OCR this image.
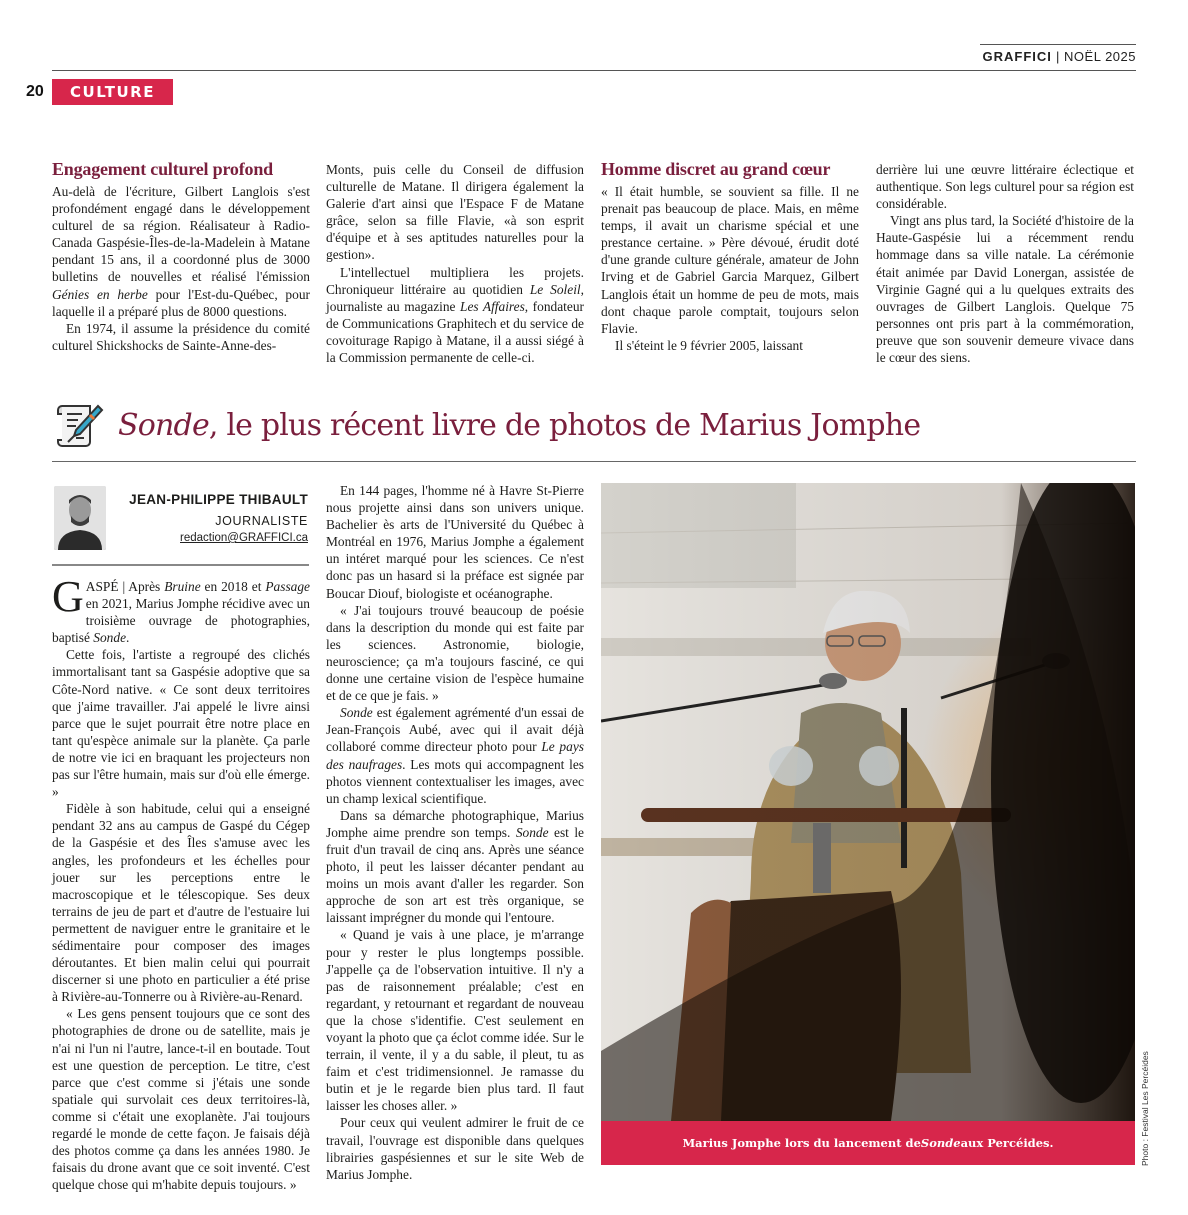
GRAFFICI | NOËL 2025
20	CULTURE
Engagement culturel profond

Au-delà de l'écriture, Gilbert Langlois s'est profondément engagé dans le développement culturel de sa région. Réalisateur à Radio-Canada Gaspésie-Îles-de-la-Madelein à Matane pendant 15 ans, il a coordonné plus de 3000 bulletins de nouvelles et réalisé l'émission Génies en herbe pour l'Est-du-Québec, pour laquelle il a préparé plus de 8000 questions.

En 1974, il assume la présidence du comité culturel Shickshocks de Sainte-Anne-des-

Monts, puis celle du Conseil de diffusion culturelle de Matane. Il dirigera également la Galerie d'art ainsi que l'Espace F de Matane grâce, selon sa fille Flavie, «à son esprit d'équipe et à ses aptitudes naturelles pour la gestion».

L'intellectuel multipliera les projets. Chroniqueur littéraire au quotidien Le Soleil, journaliste au magazine Les Affaires, fondateur de Communications Graphitech et du service de covoiturage Rapigo à Matane, il a aussi siégé à la Commission permanente de celle-ci.

Homme discret au grand cœur

« Il était humble, se souvient sa fille. Il ne prenait pas beaucoup de place. Mais, en même temps, il avait un charisme spécial et une prestance certaine. » Père dévoué, érudit doté d'une grande culture générale, amateur de John Irving et de Gabriel Garcia Marquez, Gilbert Langlois était un homme de peu de mots, mais dont chaque parole comptait, toujours selon Flavie.

Il s'éteint le 9 février 2005, laissant

derrière lui une œuvre littéraire éclectique et authentique. Son legs culturel pour sa région est considérable.

Vingt ans plus tard, la Société d'histoire de la Haute-Gaspésie lui a récemment rendu hommage dans sa ville natale. La cérémonie était animée par David Lonergan, assistée de Virginie Gagné qui a lu quelques extraits des ouvrages de Gilbert Langlois. Quelque 75 personnes ont pris part à la commémoration, preuve que son souvenir demeure vivace dans le cœur des siens.

Sonde, le plus récent livre de photos de Marius Jomphe
JEAN-PHILIPPE THIBAULT
JOURNALISTE
redaction@GRAFFICI.ca

GASPÉ | Après Bruine en 2018 et Passage en 2021, Marius Jomphe récidive avec un troisième ouvrage de photographies, baptisé Sonde.

Cette fois, l'artiste a regroupé des clichés immortalisant tant sa Gaspésie adoptive que sa Côte-Nord native. « Ce sont deux territoires que j'aime travailler. J'ai appelé le livre ainsi parce que le sujet pourrait être notre place en tant qu'espèce animale sur la planète. Ça parle de notre vie ici en braquant les projecteurs non pas sur l'être humain, mais sur d'où elle émerge. »

Fidèle à son habitude, celui qui a enseigné pendant 32 ans au campus de Gaspé du Cégep de la Gaspésie et des Îles s'amuse avec les angles, les profondeurs et les échelles pour jouer sur les perceptions entre le macroscopique et le télescopique. Ses deux terrains de jeu de part et d'autre de l'estuaire lui permettent de naviguer entre le granitaire et le sédimentaire pour composer des images déroutantes. Et bien malin celui qui pourrait discerner si une photo en particulier a été prise à Rivière-au-Tonnerre ou à Rivière-au-Renard.

« Les gens pensent toujours que ce sont des photographies de drone ou de satellite, mais je n'ai ni l'un ni l'autre, lance-t-il en boutade. Tout est une question de perception. Le titre, c'est parce que c'est comme si j'étais une sonde spatiale qui survolait ces deux territoires-là, comme si c'était une exoplanète. J'ai toujours regardé le monde de cette façon. Je faisais déjà des photos comme ça dans les années 1980. Je faisais du drone avant que ce soit inventé. C'est quelque chose qui m'habite depuis toujours. »

En 144 pages, l'homme né à Havre St-Pierre nous projette ainsi dans son univers unique. Bachelier ès arts de l'Université du Québec à Montréal en 1976, Marius Jomphe a également un intéret marqué pour les sciences. Ce n'est donc pas un hasard si la préface est signée par Boucar Diouf, biologiste et océanographe.

« J'ai toujours trouvé beaucoup de poésie dans la description du monde qui est faite par les sciences. Astronomie, biologie, neuroscience; ça m'a toujours fasciné, ce qui donne une certaine vision de l'espèce humaine et de ce que je fais. »

Sonde est également agrémenté d'un essai de Jean-François Aubé, avec qui il avait déjà collaboré comme directeur photo pour Le pays des naufrages. Les mots qui accompagnent les photos viennent contextualiser les images, avec un champ lexical scientifique.

Dans sa démarche photographique, Marius Jomphe aime prendre son temps. Sonde est le fruit d'un travail de cinq ans. Après une séance photo, il peut les laisser décanter pendant au moins un mois avant d'aller les regarder. Son approche de son art est très organique, se laissant imprégner du monde qui l'entoure.

« Quand je vais à une place, je m'arrange pour y rester le plus longtemps possible. J'appelle ça de l'observation intuitive. Il n'y a pas de raisonnement préalable; c'est en regardant, y retournant et regardant de nouveau que la chose s'identifie. C'est seulement en voyant la photo que ça éclot comme idée. Sur le terrain, il vente, il y a du sable, il pleut, tu as faim et c'est tridimensionnel. Je ramasse du butin et je le regarde bien plus tard. Il faut laisser les choses aller. »

Pour ceux qui veulent admirer le fruit de ce travail, l'ouvrage est disponible dans quelques librairies gaspésiennes et sur le site Web de Marius Jomphe.

Marius Jomphe lors du lancement de Sonde aux Percéides.	Photo : Festival Les Percéides
